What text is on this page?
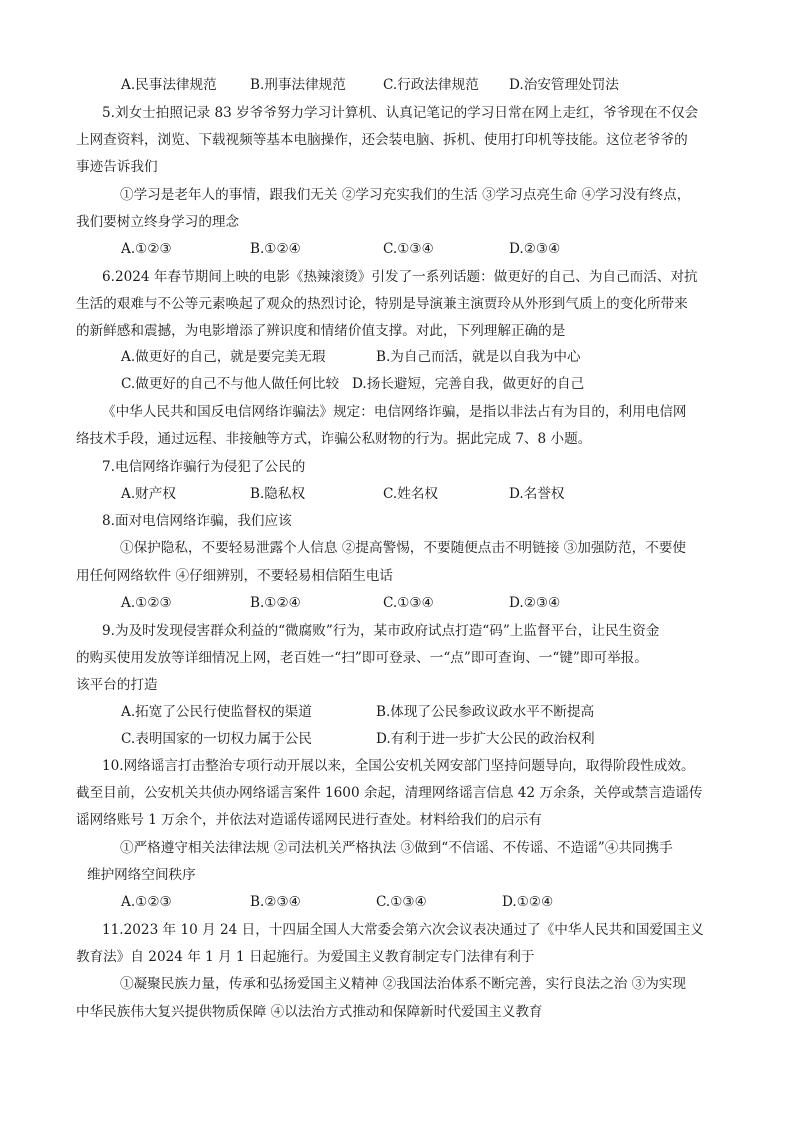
A.民事法律规范 B.刑事法律规范	C.行政法律规范 D.治安管理处罚法
5.刘女士拍照记录 83 岁爷爷努力学习计算机、认真记笔记的学习日常在网上走红，爷爷现在不仅会
上网查资料，浏览、下载视频等基本电脑操作，还会装电脑、拆机、使用打印机等技能。这位老爷爷的
事迹告诉我们
①学习是老年人的事情，跟我们无关 ②学习充实我们的生活 ③学习点亮生命 ④学习没有终点，
我们要树立终身学习的理念
A.①②③	B.①②④	C.①③④	D.②③④
6.2024 年春节期间上映的电影《热辣滚烫》引发了一系列话题：做更好的自己、为自己而活、对抗
生活的艰难与不公等元素唤起了观众的热烈讨论，特别是导演兼主演贾玲从外形到气质上的变化所带来
的新鲜感和震撼，为电影增添了辨识度和情绪价值支撑。对此，下列理解正确的是
A.做更好的自己，就是要完美无瑕	B.为自己而活，就是以自我为中心
C.做更好的自己不与他人做任何比较 D.扬长避短，完善自我，做更好的自己
《中华人民共和国反电信网络诈骗法》规定：电信网络诈骗，是指以非法占有为目的，利用电信网
络技术手段，通过远程、非接触等方式，诈骗公私财物的行为。据此完成 7、8 小题。
7.电信网络诈骗行为侵犯了公民的
A.财产权	B.隐私权	C.姓名权	D.名誉权
8.面对电信网络诈骗，我们应该
①保护隐私，不要轻易泄露个人信息 ②提高警惕，不要随便点击不明链接 ③加强防范，不要使
用任何网络软件 ④仔细辨别，不要轻易相信陌生电话
A.①②③	B.①②④	C.①③④	D.②③④
9.为及时发现侵害群众利益的“微腐败”行为，某市政府试点打造“码”上监督平台，让民生资金
的购买使用发放等详细情况上网，老百姓一“扫”即可登录、一“点”即可查询、一“键”即可举报。
该平台的打造
A.拓宽了公民行使监督权的渠道	B.体现了公民参政议政水平不断提高
C.表明国家的一切权力属于公民	D.有利于进一步扩大公民的政治权利
10.网络谣言打击整治专项行动开展以来，全国公安机关网安部门坚持问题导向，取得阶段性成效。
截至目前，公安机关共侦办网络谣言案件 1600 余起，清理网络谣言信息 42 万余条，关停或禁言造谣传
谣网络账号 1 万余个，并依法对造谣传谣网民进行查处。材料给我们的启示有
①严格遵守相关法律法规 ②司法机关严格执法 ③做到“不信谣、不传谣、不造谣”④共同携手
维护网络空间秩序
A.①②③	B.②③④	C.①③④	D.①②④
11.2023 年 10 月 24 日，十四届全国人大常委会第六次会议表决通过了《中华人民共和国爱国主义
教育法》自 2024 年 1 月 1 日起施行。为爱国主义教育制定专门法律有利于
①凝聚民族力量，传承和弘扬爱国主义精神 ②我国法治体系不断完善，实行良法之治 ③为实现
中华民族伟大复兴提供物质保障 ④以法治方式推动和保障新时代爱国主义教育
